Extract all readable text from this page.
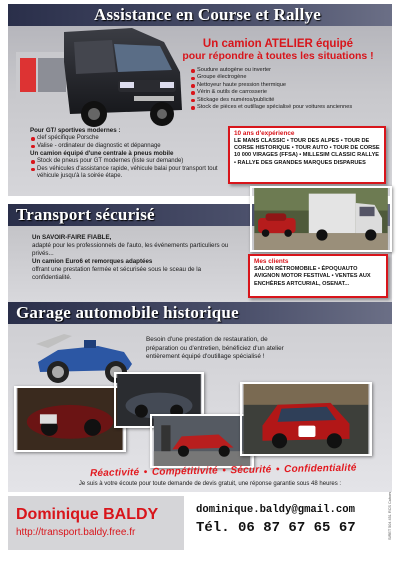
Assistance en Course et Rallye
Un camion ATELIER équipé
pour répondre à toutes les situations !
Soudure autogène ou inverter
Groupe électrogène
Nettoyeur haute pression thermique
Vérin & outils de carrosserie
Stickage des numéros/publicité
Stock de pièces et outillage spécialisé pour voitures anciennes
Pour GT/ sportives modernes :
clef spécifique Porsche
Valise - ordinateur de diagnostic et dépannage
Un camion équipé d'une centrale à pneus mobile
Stock de pneus pour GT modernes (liste sur demande)
Des véhicules d'assistance rapide, véhicule balai pour transport tout véhicule jusqu'à la soirée étape.
10 ans d'expérience
LE MANS CLASSIC • TOUR DES ALPES • TOUR DE CORSE HISTORIQUE • TOUR AUTO • TOUR DE CORSE 10 000 VIRAGES (FFSA) • MILLESIM CLASSIC RALLYE • RALLYE DES GRANDES MARQUES DISPARUES
Transport sécurisé
Un SAVOIR-FAIRE FIABLE,
adapté pour les professionnels de l'auto, les événements particuliers ou privés...
Un camion Euro6 et remorques adaptées
offrant une prestation fermée et sécurisée sous le sceau de la confidentialité.
Mes clients
SALON RÉTROMOBILE • ÉPOQUAUTO AVIGNON MOTOR FESTIVAL • VENTES AUX ENCHÈRES ARTCURIAL, OSENAT...
Garage automobile historique
Besoin d'une prestation de restauration, de préparation ou d'entretien, bénéficiez d'un atelier entièrement équipé d'outillage spécialisé !
Réactivité • Compétitivité • Sécurité • Confidentialité
Je suis à votre écoute pour toute demande de devis gratuit, une réponse garantie sous 48 heures :
Dominique BALDY
http://transport.baldy.free.fr
dominique.baldy@gmail.com
Tél. 06 87 67 65 67	SIRET 504 451 RCS Cahors
